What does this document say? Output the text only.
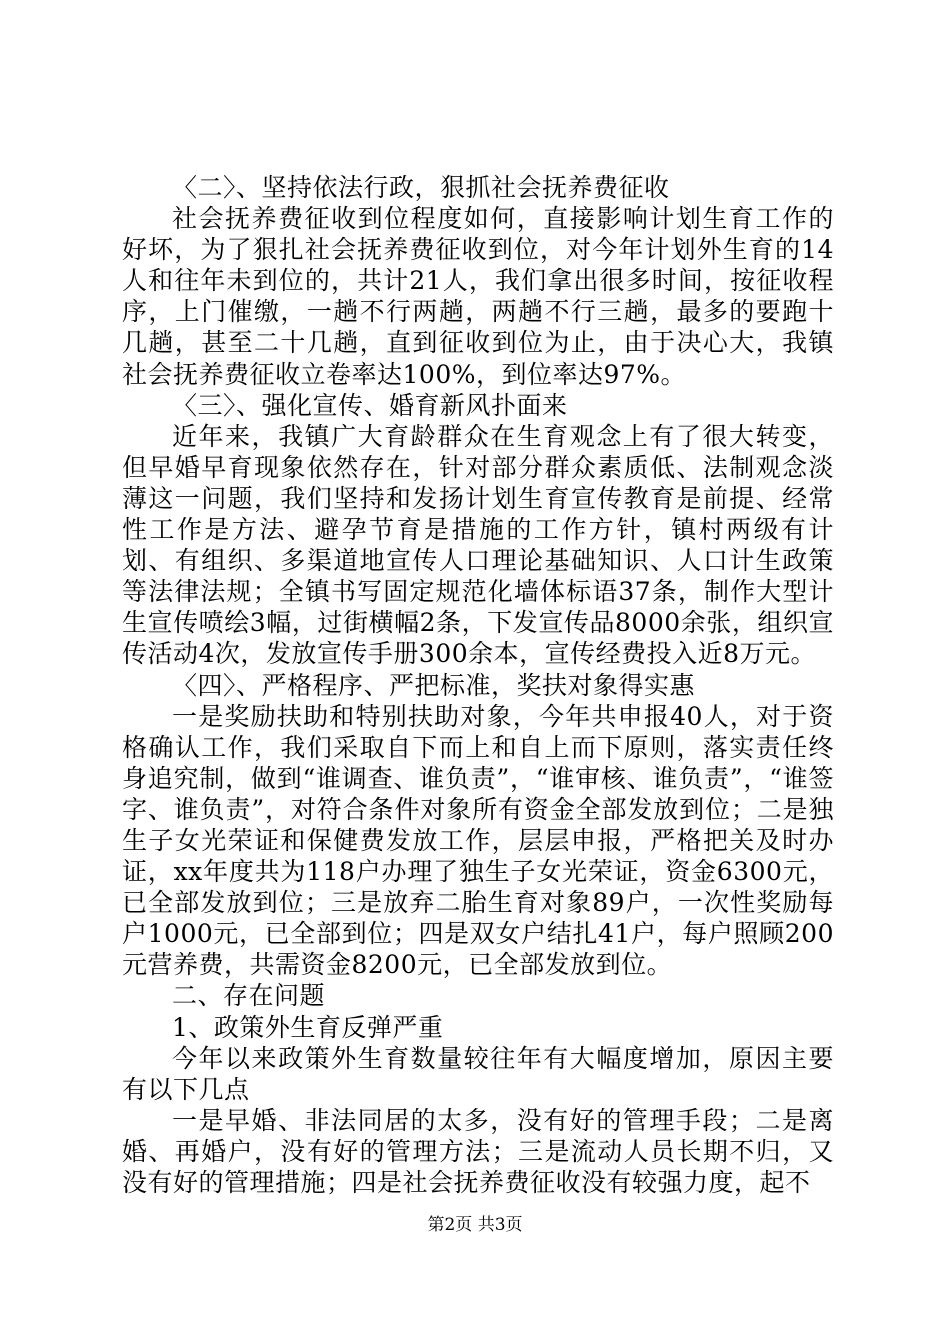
〈二〉、坚持依法行政，狠抓社会抚养费征收

社会抚养费征收到位程度如何，直接影响计划生育工作的好坏，为了狠扎社会抚养费征收到位，对今年计划外生育的14人和往年未到位的，共计21人，我们拿出很多时间，按征收程序，上门催缴，一趟不行两趟，两趟不行三趟，最多的要跑十几趟，甚至二十几趟，直到征收到位为止，由于决心大，我镇社会抚养费征收立卷率达100%，到位率达97%。

〈三〉、强化宣传、婚育新风扑面来

近年来，我镇广大育龄群众在生育观念上有了很大转变，但早婚早育现象依然存在，针对部分群众素质低、法制观念淡薄这一问题，我们坚持和发扬计划生育宣传教育是前提、经常性工作是方法、避孕节育是措施的工作方针，镇村两级有计划、有组织、多渠道地宣传人口理论基础知识、人口计生政策等法律法规；全镇书写固定规范化墙体标语37条，制作大型计生宣传喷绘3幅，过街横幅2条，下发宣传品8000余张，组织宣传活动4次，发放宣传手册300余本，宣传经费投入近8万元。

〈四〉、严格程序、严把标准，奖扶对象得实惠

一是奖励扶助和特别扶助对象，今年共申报40人，对于资格确认工作，我们采取自下而上和自上而下原则，落实责任终身追究制，做到“谁调查、谁负责”，“谁审核、谁负责”，“谁签字、谁负责”，对符合条件对象所有资金全部发放到位；二是独生子女光荣证和保健费发放工作，层层申报，严格把关及时办证，xx年度共为118户办理了独生子女光荣证，资金6300元，已全部发放到位；三是放弃二胎生育对象89户，一次性奖励每户1000元，已全部到位；四是双女户结扎41户，每户照顾200元营养费，共需资金8200元，已全部发放到位。

二、存在问题

1、政策外生育反弹严重

今年以来政策外生育数量较往年有大幅度增加，原因主要有以下几点

一是早婚、非法同居的太多，没有好的管理手段；二是离婚、再婚户，没有好的管理方法；三是流动人员长期不归，又没有好的管理措施；四是社会抚养费征收没有较强力度，起不

第2页 共3页
